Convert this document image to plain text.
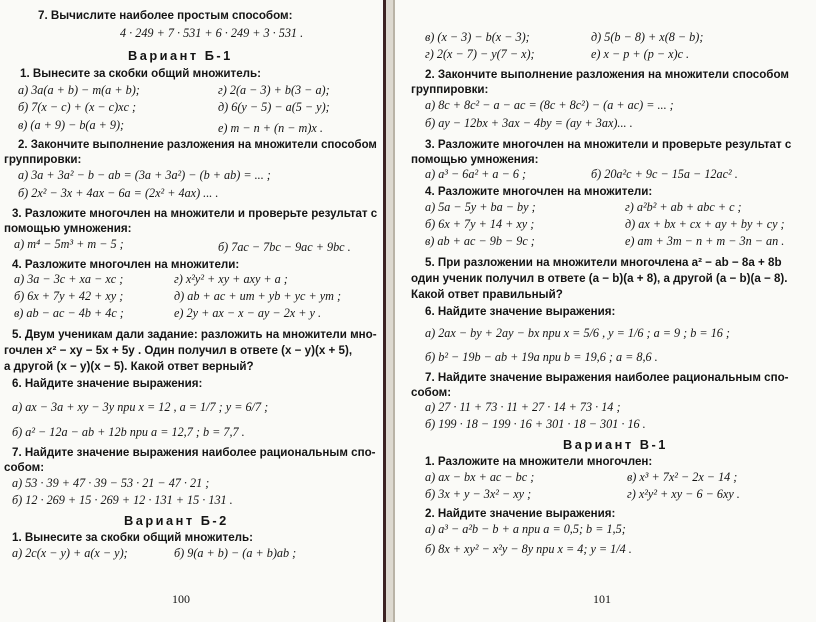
7. Вычислите наиболее простым способом:
4 · 249 + 7 · 531 + 6 · 249 + 3 · 531 .
Вариант Б-1
1. Вынесите за скобки общий множитель:
а) 3a(a + b) − m(a + b);	г) 2(a − 3) + b(3 − a);
б) 7(x − c) + (x − c)xc ;	д) 6(y − 5) − a(5 − y);
в) (a + 9) − b(a + 9);	е) m − n + (n − m)x .
2. Закончите выполнение разложения на множители способом
группировки:
а) 3a + 3a² − b − ab = (3a + 3a²) − (b + ab) = ... ;
б) 2x² − 3x + 4ax − 6a = (2x² + 4ax) ... .
3. Разложите многочлен на множители и проверьте результат с
помощью умножения:
а) m⁴ − 5m³ + m − 5 ;	б) 7ac − 7bc − 9ac + 9bc .
4. Разложите многочлен на множители:
а) 3a − 3c + xa − xc ;	г) x²y² + xy + axy + a ;
б) 6x + 7y + 42 + xy ;	д) ab + ac + um + yb + yc + ym ;
в) ab − ac − 4b + 4c ;	е) 2y + ax − x − ay − 2x + y .
5. Двум ученикам дали задание: разложить на множители мно-
гочлен x² − xy − 5x + 5y . Один получил в ответе (x − y)(x + 5),
а другой (x − y)(x − 5). Какой ответ верный?
6. Найдите значение выражения:
а) ax − 3a + xy − 3y при x = 12 , a = 1/7 ; y = 6/7 ;
б) a² − 12a − ab + 12b при a = 12,7 ; b = 7,7 .
7. Найдите значение выражения наиболее рациональным спо-
собом:
а) 53 · 39 + 47 · 39 − 53 · 21 − 47 · 21 ;
б) 12 · 269 + 15 · 269 + 12 · 131 + 15 · 131 .
Вариант Б-2
1. Вынесите за скобки общий множитель:
а) 2c(x − y) + a(x − y);	б) 9(a + b) − (a + b)ab ;
100
в) (x − 3) − b(x − 3);	д) 5(b − 8) + x(8 − b);
г) 2(x − 7) − y(7 − x);	е) x − p + (p − x)c .
2. Закончите выполнение разложения на множители способом
группировки:
а) 8c + 8c² − a − ac = (8c + 8c²) − (a + ac) = ... ;
б) ay − 12bx + 3ax − 4by = (ay + 3ax)... .
3. Разложите многочлен на множители и проверьте результат с
помощью умножения:
а) a³ − 6a² + a − 6 ;	б) 20a²c + 9c − 15a − 12ac² .
4. Разложите многочлен на множители:
а) 5a − 5y + ba − by ;	г) a²b² + ab + abc + c ;
б) 6x + 7y + 14 + xy ;	д) ax + bx + cx + ay + by + cy ;
в) ab + ac − 9b − 9c ;	е) am + 3m − n + m − 3n − an .
5. При разложении на множители многочлена a² − ab − 8a + 8b
один ученик получил в ответе (a − b)(a + 8), а другой (a − b)(a − 8).
Какой ответ правильный?
6. Найдите значение выражения:
а) 2ax − by + 2ay − bx при x = 5/6 , y = 1/6 ; a = 9 ; b = 16 ;
б) b² − 19b − ab + 19a при b = 19,6 ; a = 8,6 .
7. Найдите значение выражения наиболее рациональным спо-
собом:
а) 27 · 11 + 73 · 11 + 27 · 14 + 73 · 14 ;
б) 199 · 18 − 199 · 16 + 301 · 18 − 301 · 16 .
Вариант В-1
1. Разложите на множители многочлен:
а) ax − bx + ac − bc ;	в) x³ + 7x² − 2x − 14 ;
б) 3x + y − 3x² − xy ;	г) x²y² + xy − 6 − 6xy .
2. Найдите значение выражения:
а) a³ − a²b − b + a при a = 0,5; b = 1,5;
б) 8x + xy² − x²y − 8y при x = 4; y = 1/4 .
101
